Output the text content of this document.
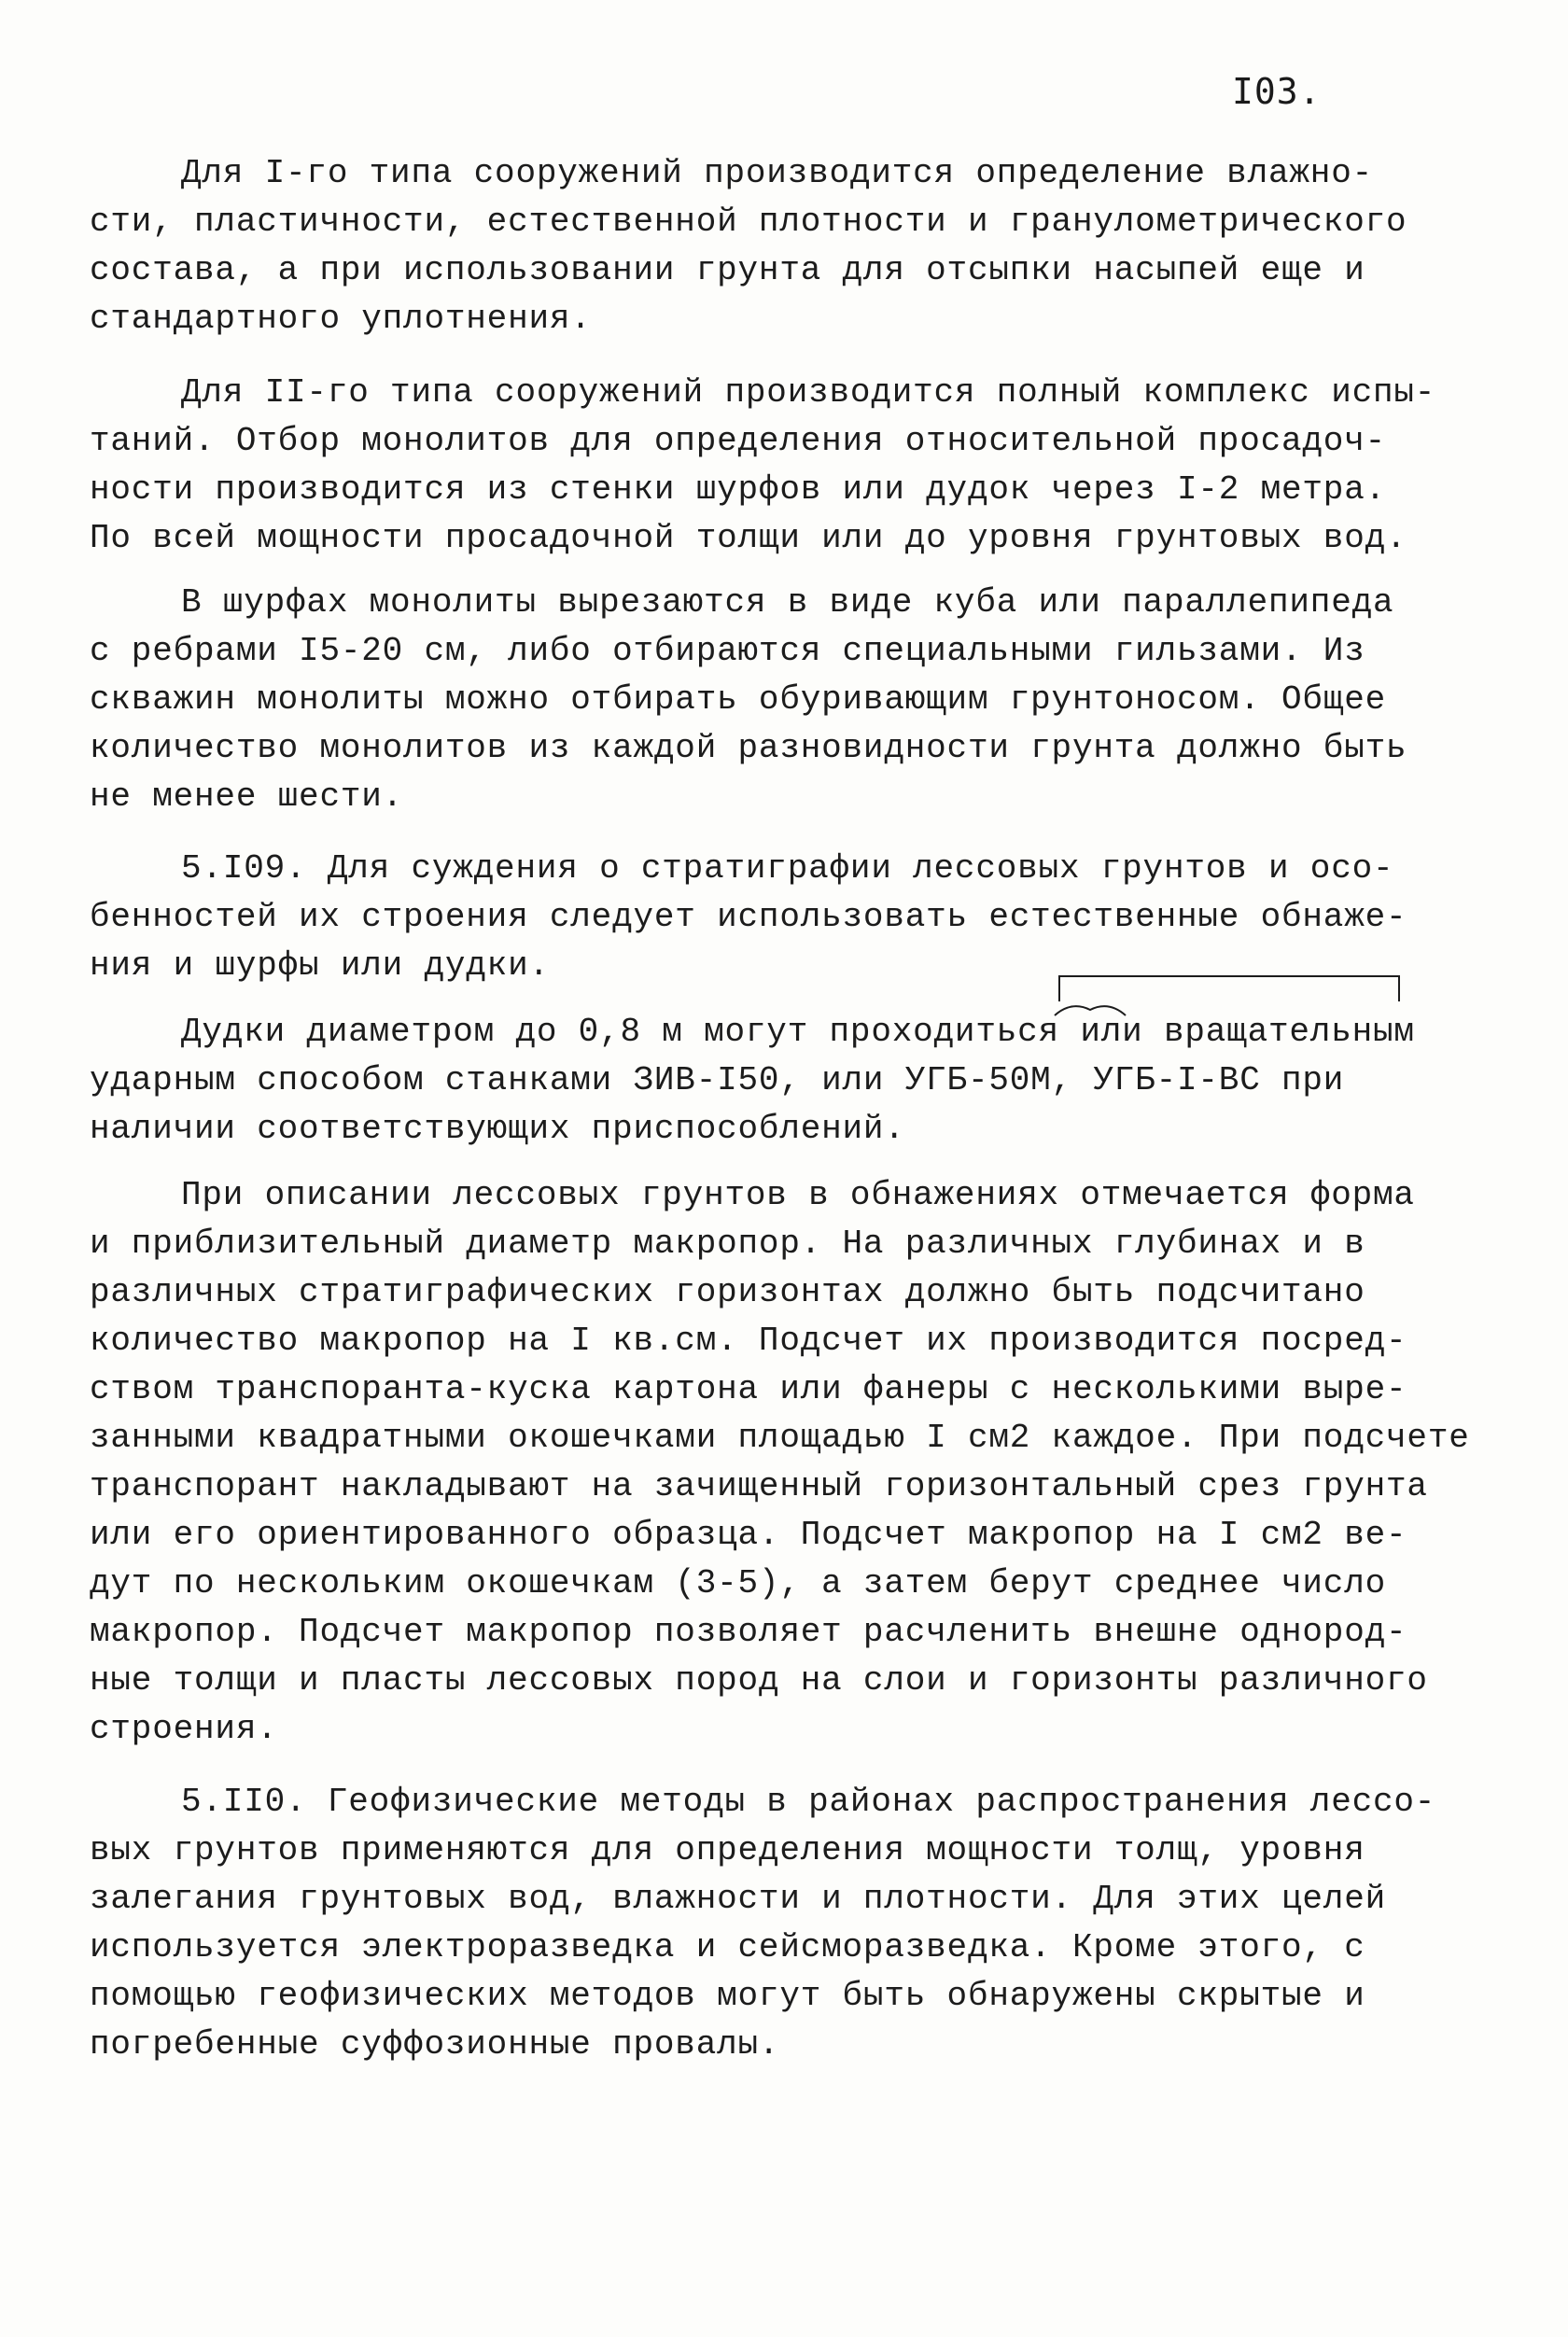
I03.
Для I-го типа сооружений производится определение влажно-
сти, пластичности, естественной плотности и гранулометрического
состава, а при использовании грунта для отсыпки насыпей еще и
стандартного уплотнения.
Для II-го типа сооружений производится полный комплекс испы-
таний. Отбор монолитов для определения относительной просадоч-
ности производится из стенки шурфов или дудок через I-2 метра.
По всей мощности просадочной толщи или до уровня грунтовых вод.
В шурфах монолиты вырезаются в виде куба или параллепипеда
с ребрами I5-20 см, либо отбираются специальными гильзами. Из
скважин монолиты можно отбирать обуривающим грунтоносом. Общее
количество монолитов из каждой разновидности грунта должно быть
не менее шести.
5.I09. Для суждения о стратиграфии лессовых грунтов и осо-
бенностей их строения следует использовать естественные обнаже-
ния и шурфы или дудки.
Дудки диаметром до 0,8 м могут проходиться или вращательным
ударным способом станками ЗИВ-I50, или УГБ-50М, УГБ-I-ВС при
наличии соответствующих приспособлений.
При описании лессовых грунтов в обнажениях отмечается форма
и приблизительный диаметр макропор. На различных глубинах и в
различных стратиграфических горизонтах должно быть подсчитано
количество макропор на I кв.см. Подсчет их производится посред-
ством транспоранта-куска картона или фанеры с несколькими выре-
занными квадратными окошечками площадью I см2 каждое. При подсчете
транспорант накладывают на зачищенный горизонтальный срез грунта
или его ориентированного образца. Подсчет макропор на I см2 ве-
дут по нескольким окошечкам (3-5), а затем берут среднее число
макропор. Подсчет макропор позволяет расчленить внешне однород-
ные толщи и пласты лессовых пород на слои и горизонты различного
строения.
5.II0. Геофизические методы в районах распространения лессо-
вых грунтов применяются для определения мощности толщ, уровня
залегания грунтовых вод, влажности и плотности. Для этих целей
используется электроразведка и сейсморазведка. Кроме этого, с
помощью геофизических методов могут быть обнаружены скрытые и
погребенные суффозионные провалы.
